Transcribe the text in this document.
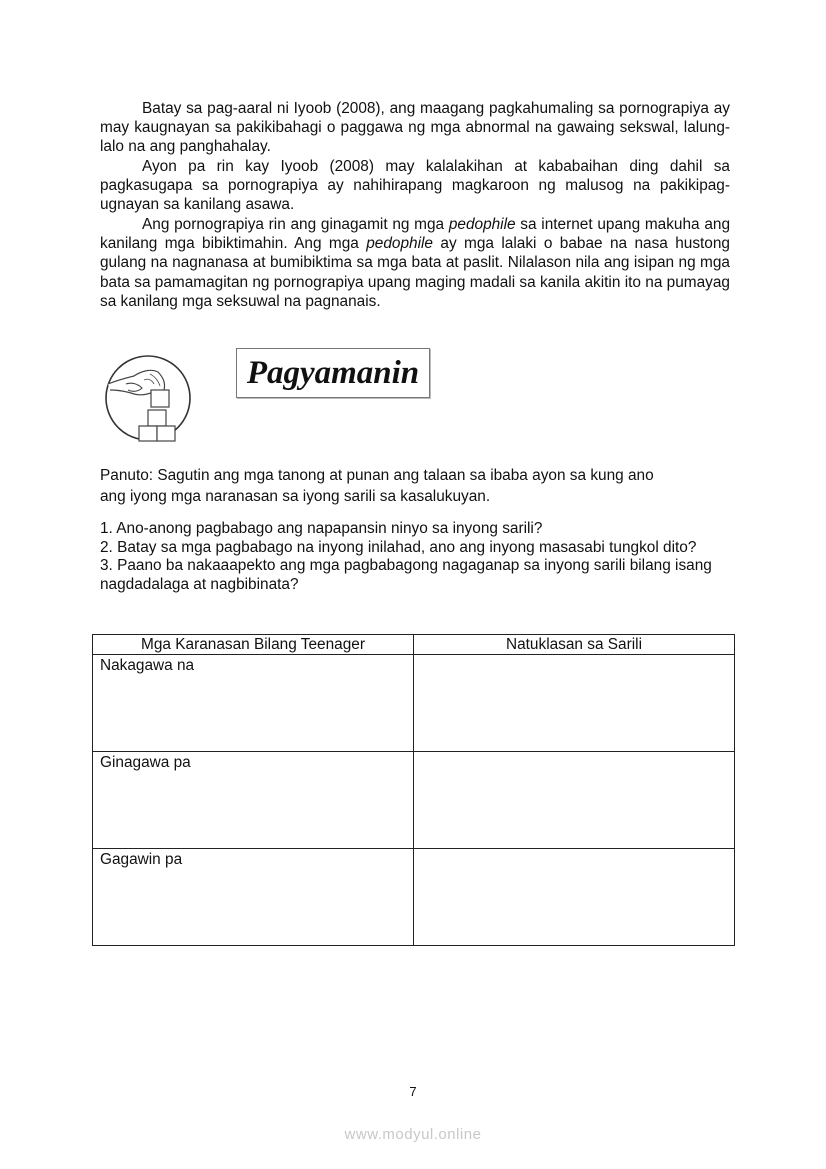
Batay sa pag-aaral ni Iyoob (2008), ang maagang pagkahumaling sa pornograpiya ay may kaugnayan sa pakikibahagi o paggawa ng mga abnormal na gawaing sekswal, lalung-lalo na ang panghahalay.

Ayon pa rin kay Iyoob (2008) may kalalakihan at kababaihan ding dahil sa pagkasugapa sa pornograpiya ay nahihirapang magkaroon ng malusog na pakikipag-ugnayan sa kanilang asawa.

Ang pornograpiya rin ang ginagamit ng mga pedophile sa internet upang makuha ang kanilang mga bibiktimahin. Ang mga pedophile ay mga lalaki o babae na nasa hustong gulang na nagnanasa at bumibiktima sa mga bata at paslit. Nilalason nila ang isipan ng mga bata sa pamamagitan ng pornograpiya upang maging madali sa kanila akitin ito na pumayag sa kanilang mga seksuwal na pagnanais.

Pagyamanin

Panuto: Sagutin ang mga tanong at punan ang talaan sa ibaba ayon sa kung ano

ang iyong mga naranasan sa iyong sarili sa kasalukuyan.

1. Ano-anong pagbabago ang napapansin ninyo sa inyong sarili?
2. Batay sa mga pagbabago na inyong inilahad, ano ang inyong masasabi tungkol dito?
3. Paano ba nakaaapekto ang mga pagbabagong nagaganap sa inyong sarili bilang isang nagdadalaga at nagbibinata?
Mga Karanasan Bilang Teenager	Natuklasan sa Sarili
Nakagawa na	
Ginagawa pa	
Gagawin pa	
7
www.modyul.online
